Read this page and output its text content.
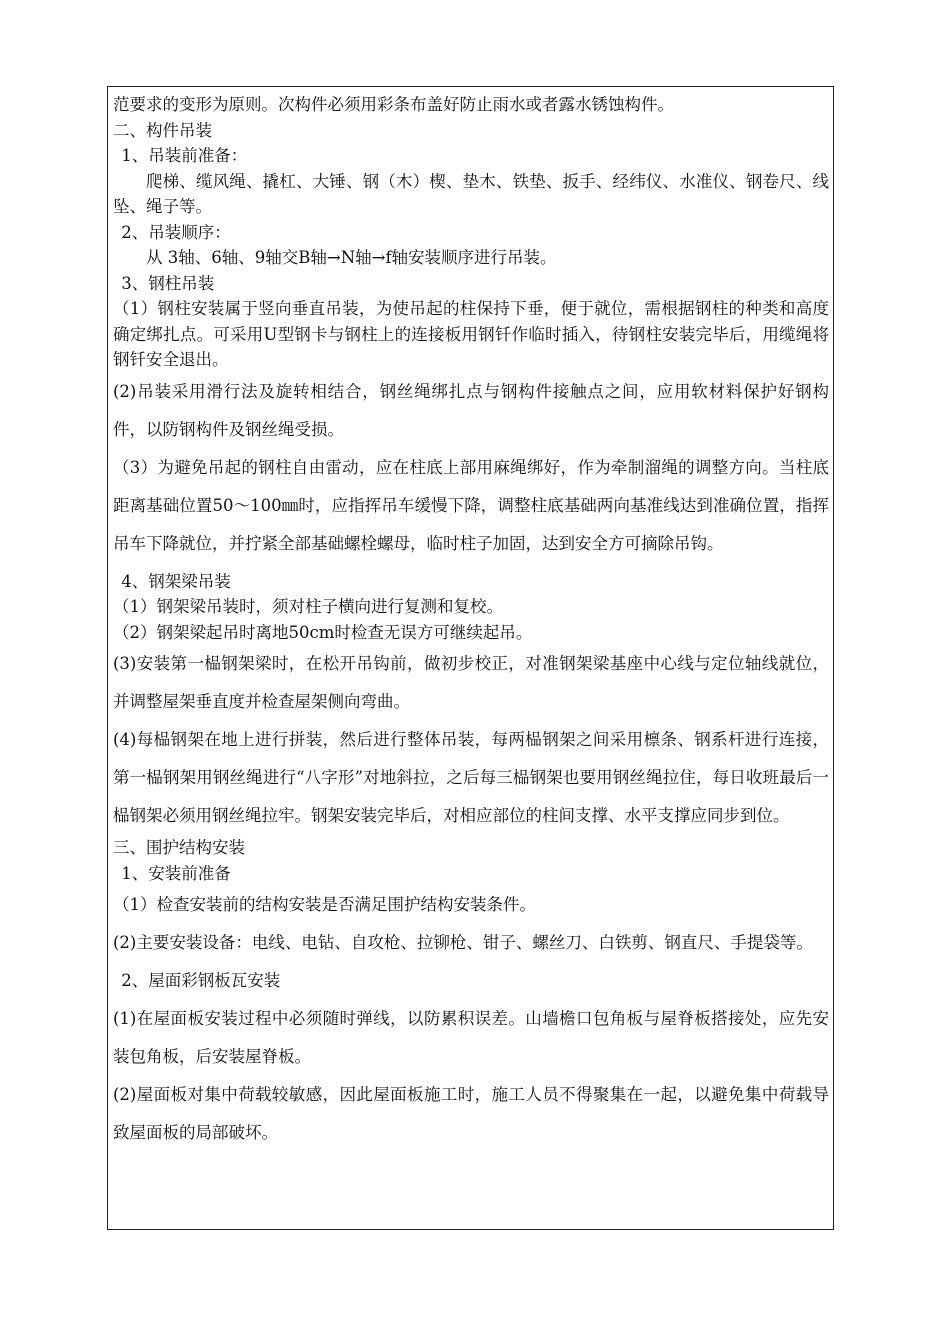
范要求的变形为原则。次构件必须用彩条布盖好防止雨水或者露水锈蚀构件。

二、构件吊装

1、吊装前准备：

爬梯、缆风绳、撬杠、大锤、钢（木）楔、垫木、铁垫、扳手、经纬仪、水准仪、钢卷尺、线坠、绳子等。

2、吊装顺序：

从 3轴、6轴、9轴交B轴→N轴→f轴安装顺序进行吊装。

3、钢柱吊装

（1）钢柱安装属于竖向垂直吊装，为使吊起的柱保持下垂，便于就位，需根据钢柱的种类和高度确定绑扎点。可采用U型钢卡与钢柱上的连接板用钢钎作临时插入，待钢柱安装完毕后，用缆绳将钢钎安全退出。

(2)吊装采用滑行法及旋转相结合，钢丝绳绑扎点与钢构件接触点之间，应用软材料保护好钢构件，以防钢构件及钢丝绳受损。

（3）为避免吊起的钢柱自由雷动，应在柱底上部用麻绳绑好，作为牵制溜绳的调整方向。当柱底距离基础位置50～100㎜时，应指挥吊车缓慢下降，调整柱底基础两向基准线达到准确位置，指挥吊车下降就位，并拧紧全部基础螺栓螺母，临时柱子加固，达到安全方可摘除吊钩。

4、钢架梁吊装

（1）钢架梁吊装时，须对柱子横向进行复测和复校。

（2）钢架梁起吊时离地50cm时检查无误方可继续起吊。

(3)安装第一榀钢架梁时，在松开吊钩前，做初步校正，对准钢架梁基座中心线与定位轴线就位，并调整屋架垂直度并检查屋架侧向弯曲。

(4)每榀钢架在地上进行拼装，然后进行整体吊装，每两榀钢架之间采用檩条、钢系杆进行连接，第一榀钢架用钢丝绳进行“八字形”对地斜拉，之后每三榀钢架也要用钢丝绳拉住，每日收班最后一榀钢架必须用钢丝绳拉牢。钢架安装完毕后，对相应部位的柱间支撑、水平支撑应同步到位。

三、围护结构安装

1、安装前准备

（1）检查安装前的结构安装是否满足围护结构安装条件。

(2)主要安装设备：电线、电钻、自攻枪、拉铆枪、钳子、螺丝刀、白铁剪、钢直尺、手提袋等。

2、屋面彩钢板瓦安装

(1)在屋面板安装过程中必须随时弹线，以防累积误差。山墙檐口包角板与屋脊板搭接处，应先安装包角板，后安装屋脊板。

(2)屋面板对集中荷载较敏感，因此屋面板施工时，施工人员不得聚集在一起，以避免集中荷载导致屋面板的局部破坏。
